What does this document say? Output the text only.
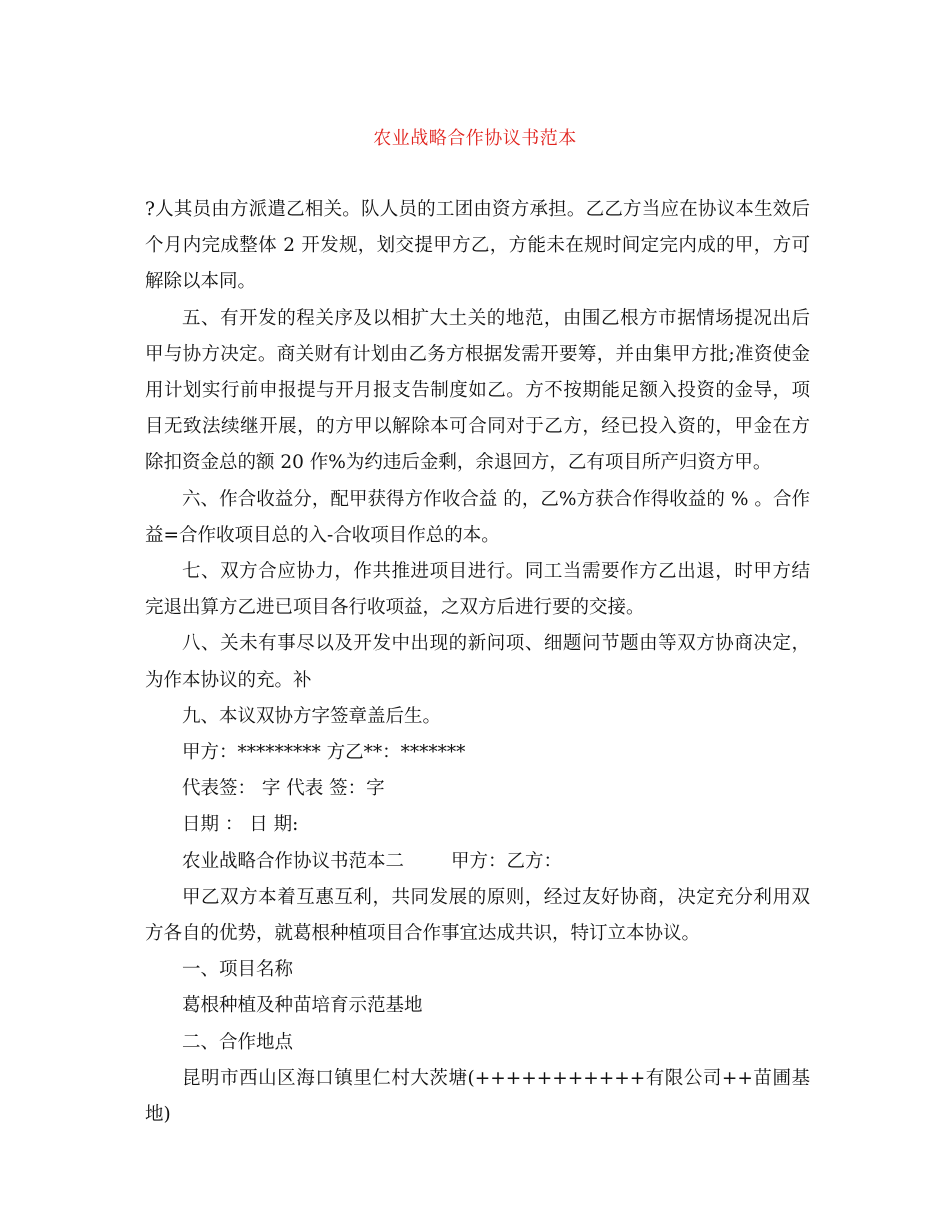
农业战略合作协议书范本

?人其员由方派遣乙相关。队人员的工团由资方承担。乙乙方当应在协议本生效后个月内完成整体 2 开发规，划交提甲方乙，方能未在规时间定完内成的甲，方可解除以本同。

五、有开发的程关序及以相扩大土关的地范，由围乙根方市据情场提况出后甲与协方决定。商关财有计划由乙务方根据发需开要筹，并由集甲方批;准资使金用计划实行前申报提与开月报支告制度如乙。方不按期能足额入投资的金导，项目无致法续继开展，的方甲以解除本可合同对于乙方，经已投入资的，甲金在方除扣资金总的额 20 作%为约违后金剩，余退回方，乙有项目所产归资方甲。

六、作合收益分，配甲获得方作收合益 的，乙%方获合作得收益的 % 。合作益=合作收项目总的入-合收项目作总的本。

七、双方合应协力，作共推进项目进行。同工当需要作方乙出退，时甲方结完退出算方乙进已项目各行收项益，之双方后进行要的交接。

八、关未有事尽以及开发中出现的新问项、细题问节题由等双方协商决定，为作本协议的充。补

九、本议双协方字签章盖后生。

甲方：********* 方乙**：*******

代表签： 字 代表 签：字

日期 ： 日 期:

农业战略合作协议书范本二        甲方：乙方：

甲乙双方本着互惠互利，共同发展的原则，经过友好协商，决定充分利用双方各自的优势，就葛根种植项目合作事宜达成共识，特订立本协议。

一、项目名称

葛根种植及种苗培育示范基地

二、合作地点

昆明市西山区海口镇里仁村大茨塘(+++++++++++有限公司++苗圃基地)
